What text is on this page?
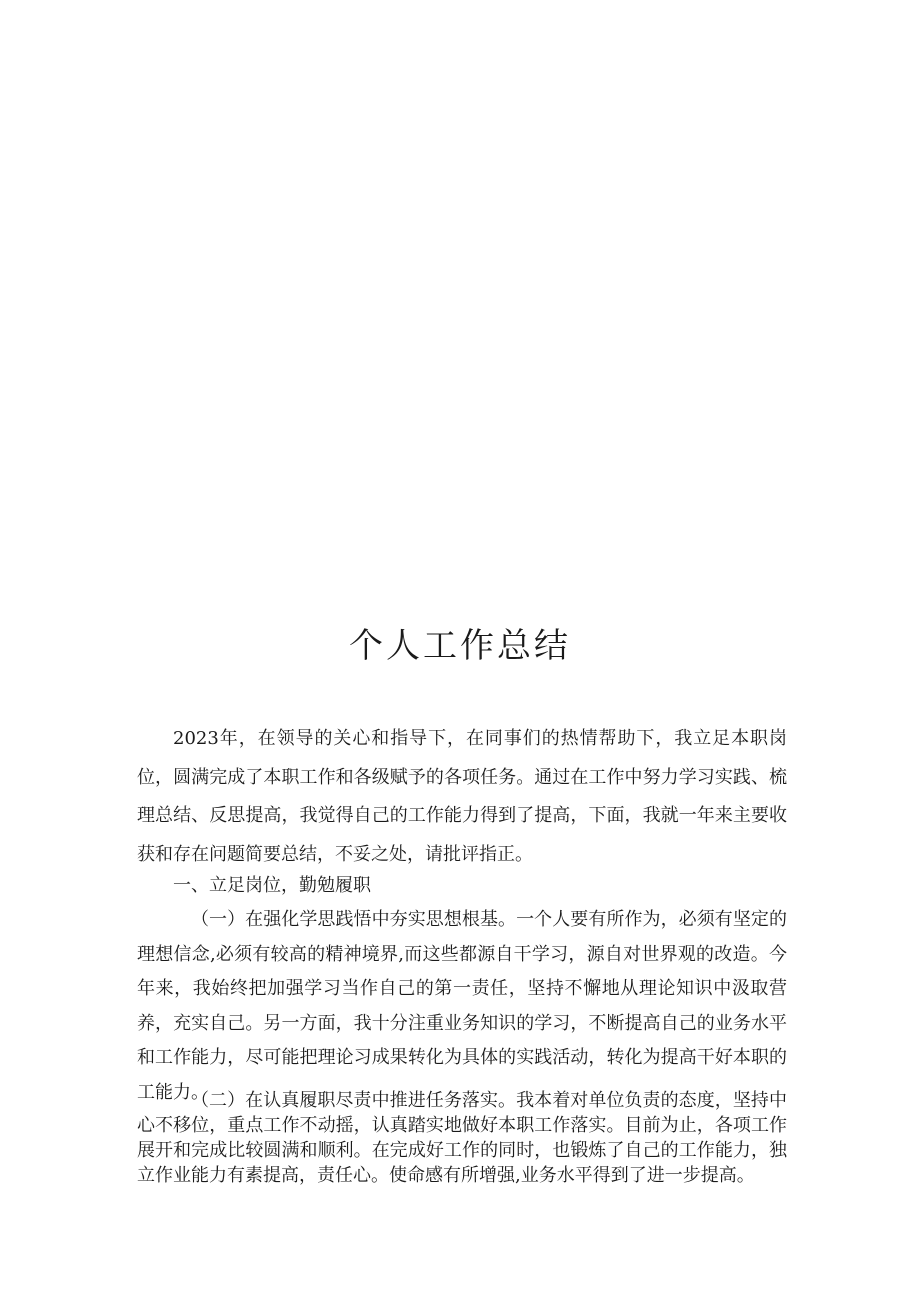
个人工作总结

2023年，在领导的关心和指导下，在同事们的热情帮助下，我立足本职岗位，圆满完成了本职工作和各级赋予的各项任务。通过在工作中努力学习实践、梳理总结、反思提高，我觉得自己的工作能力得到了提高，下面，我就一年来主要收获和存在问题简要总结，不妥之处，请批评指正。

一、立足岗位，勤勉履职

（一）在强化学思践悟中夯实思想根基。一个人要有所作为，必须有坚定的理想信念,必须有较高的精神境界,而这些都源自干学习，源自对世界观的改造。今年来，我始终把加强学习当作自己的第一责任，坚持不懈地从理论知识中汲取营养，充实自己。另一方面，我十分注重业务知识的学习，不断提高自己的业务水平和工作能力，尽可能把理论习成果转化为具体的实践活动，转化为提高干好本职的工能力。

（二）在认真履职尽责中推进任务落实。我本着对单位负责的态度，坚持中心不移位，重点工作不动摇，认真踏实地做好本职工作落实。目前为止，各项工作展开和完成比较圆满和顺利。在完成好工作的同时，也锻炼了自己的工作能力，独立作业能力有素提高，责任心。使命感有所增强,业务水平得到了进一步提高。
